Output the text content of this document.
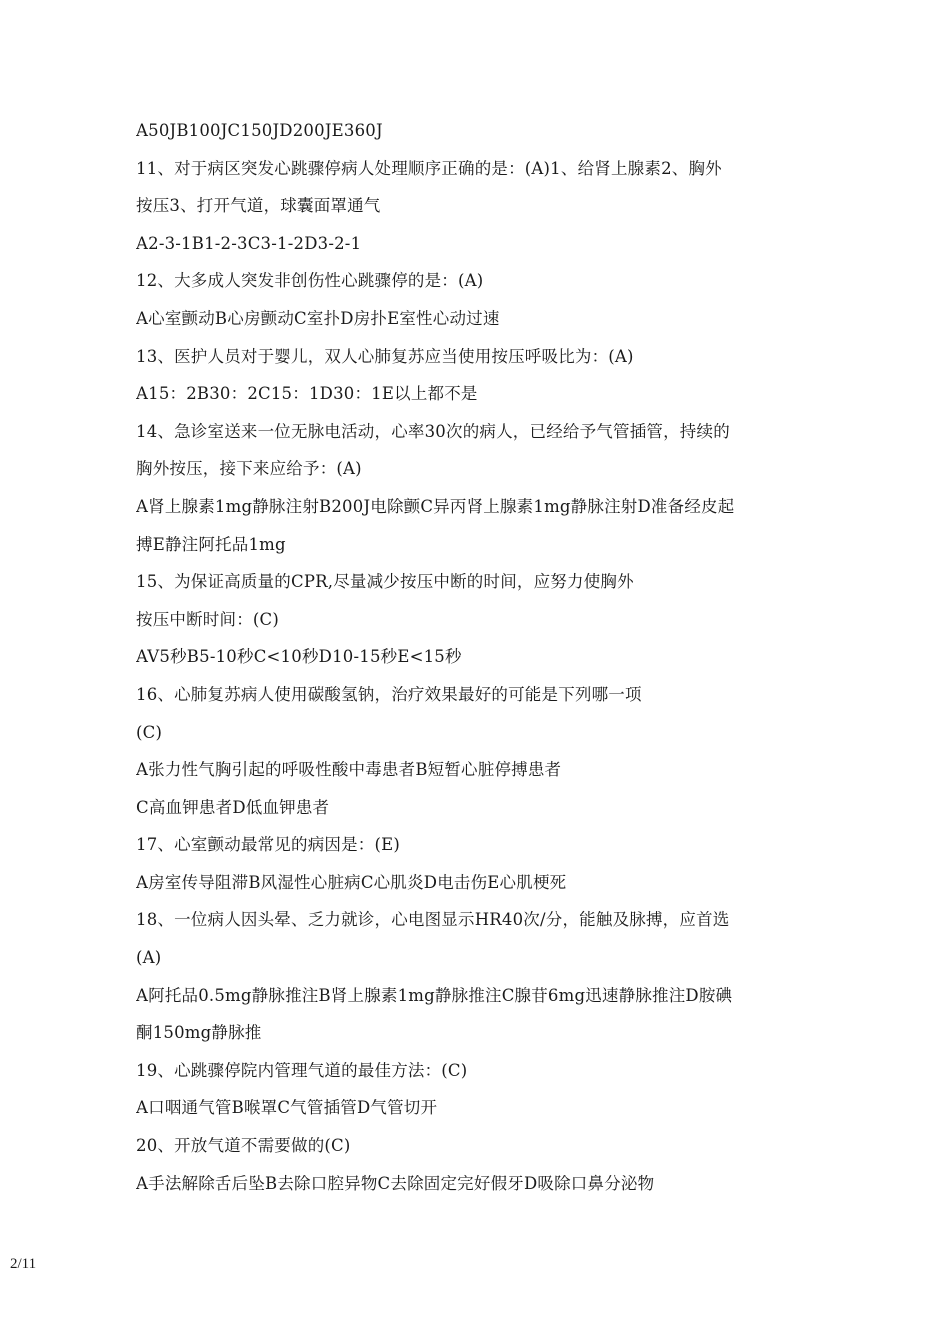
A50JB100JC150JD200JE360J
11、对于病区突发心跳骤停病人处理顺序正确的是：(A)1、给肾上腺素2、胸外
按压3、打开气道，球囊面罩通气
A2-3-1B1-2-3C3-1-2D3-2-1
12、大多成人突发非创伤性心跳骤停的是：(A)
A心室颤动B心房颤动C室扑D房扑E室性心动过速
13、医护人员对于婴儿，双人心肺复苏应当使用按压呼吸比为：(A)
A15：2B30：2C15：1D30：1E以上都不是
14、急诊室送来一位无脉电活动，心率30次的病人，已经给予气管插管，持续的
胸外按压，接下来应给予：(A)
A肾上腺素1mg静脉注射B200J电除颤C异丙肾上腺素1mg静脉注射D准备经皮起
搏E静注阿托品1mg
15、为保证高质量的CPR,尽量减少按压中断的时间，应努力使胸外
按压中断时间：(C)
AV5秒B5-10秒C<10秒D10-15秒E<15秒
16、心肺复苏病人使用碳酸氢钠，治疗效果最好的可能是下列哪一项
(C)
A张力性气胸引起的呼吸性酸中毒患者B短暂心脏停搏患者
C高血钾患者D低血钾患者
17、心室颤动最常见的病因是：(E)
A房室传导阻滞B风湿性心脏病C心肌炎D电击伤E心肌梗死
18、一位病人因头晕、乏力就诊，心电图显示HR40次/分，能触及脉搏，应首选
(A)
A阿托品0.5mg静脉推注B肾上腺素1mg静脉推注C腺苷6mg迅速静脉推注D胺碘
酮150mg静脉推
19、心跳骤停院内管理气道的最佳方法：(C)
A口咽通气管B喉罩C气管插管D气管切开
20、开放气道不需要做的(C)
A手法解除舌后坠B去除口腔异物C去除固定完好假牙D吸除口鼻分泌物
2/11
